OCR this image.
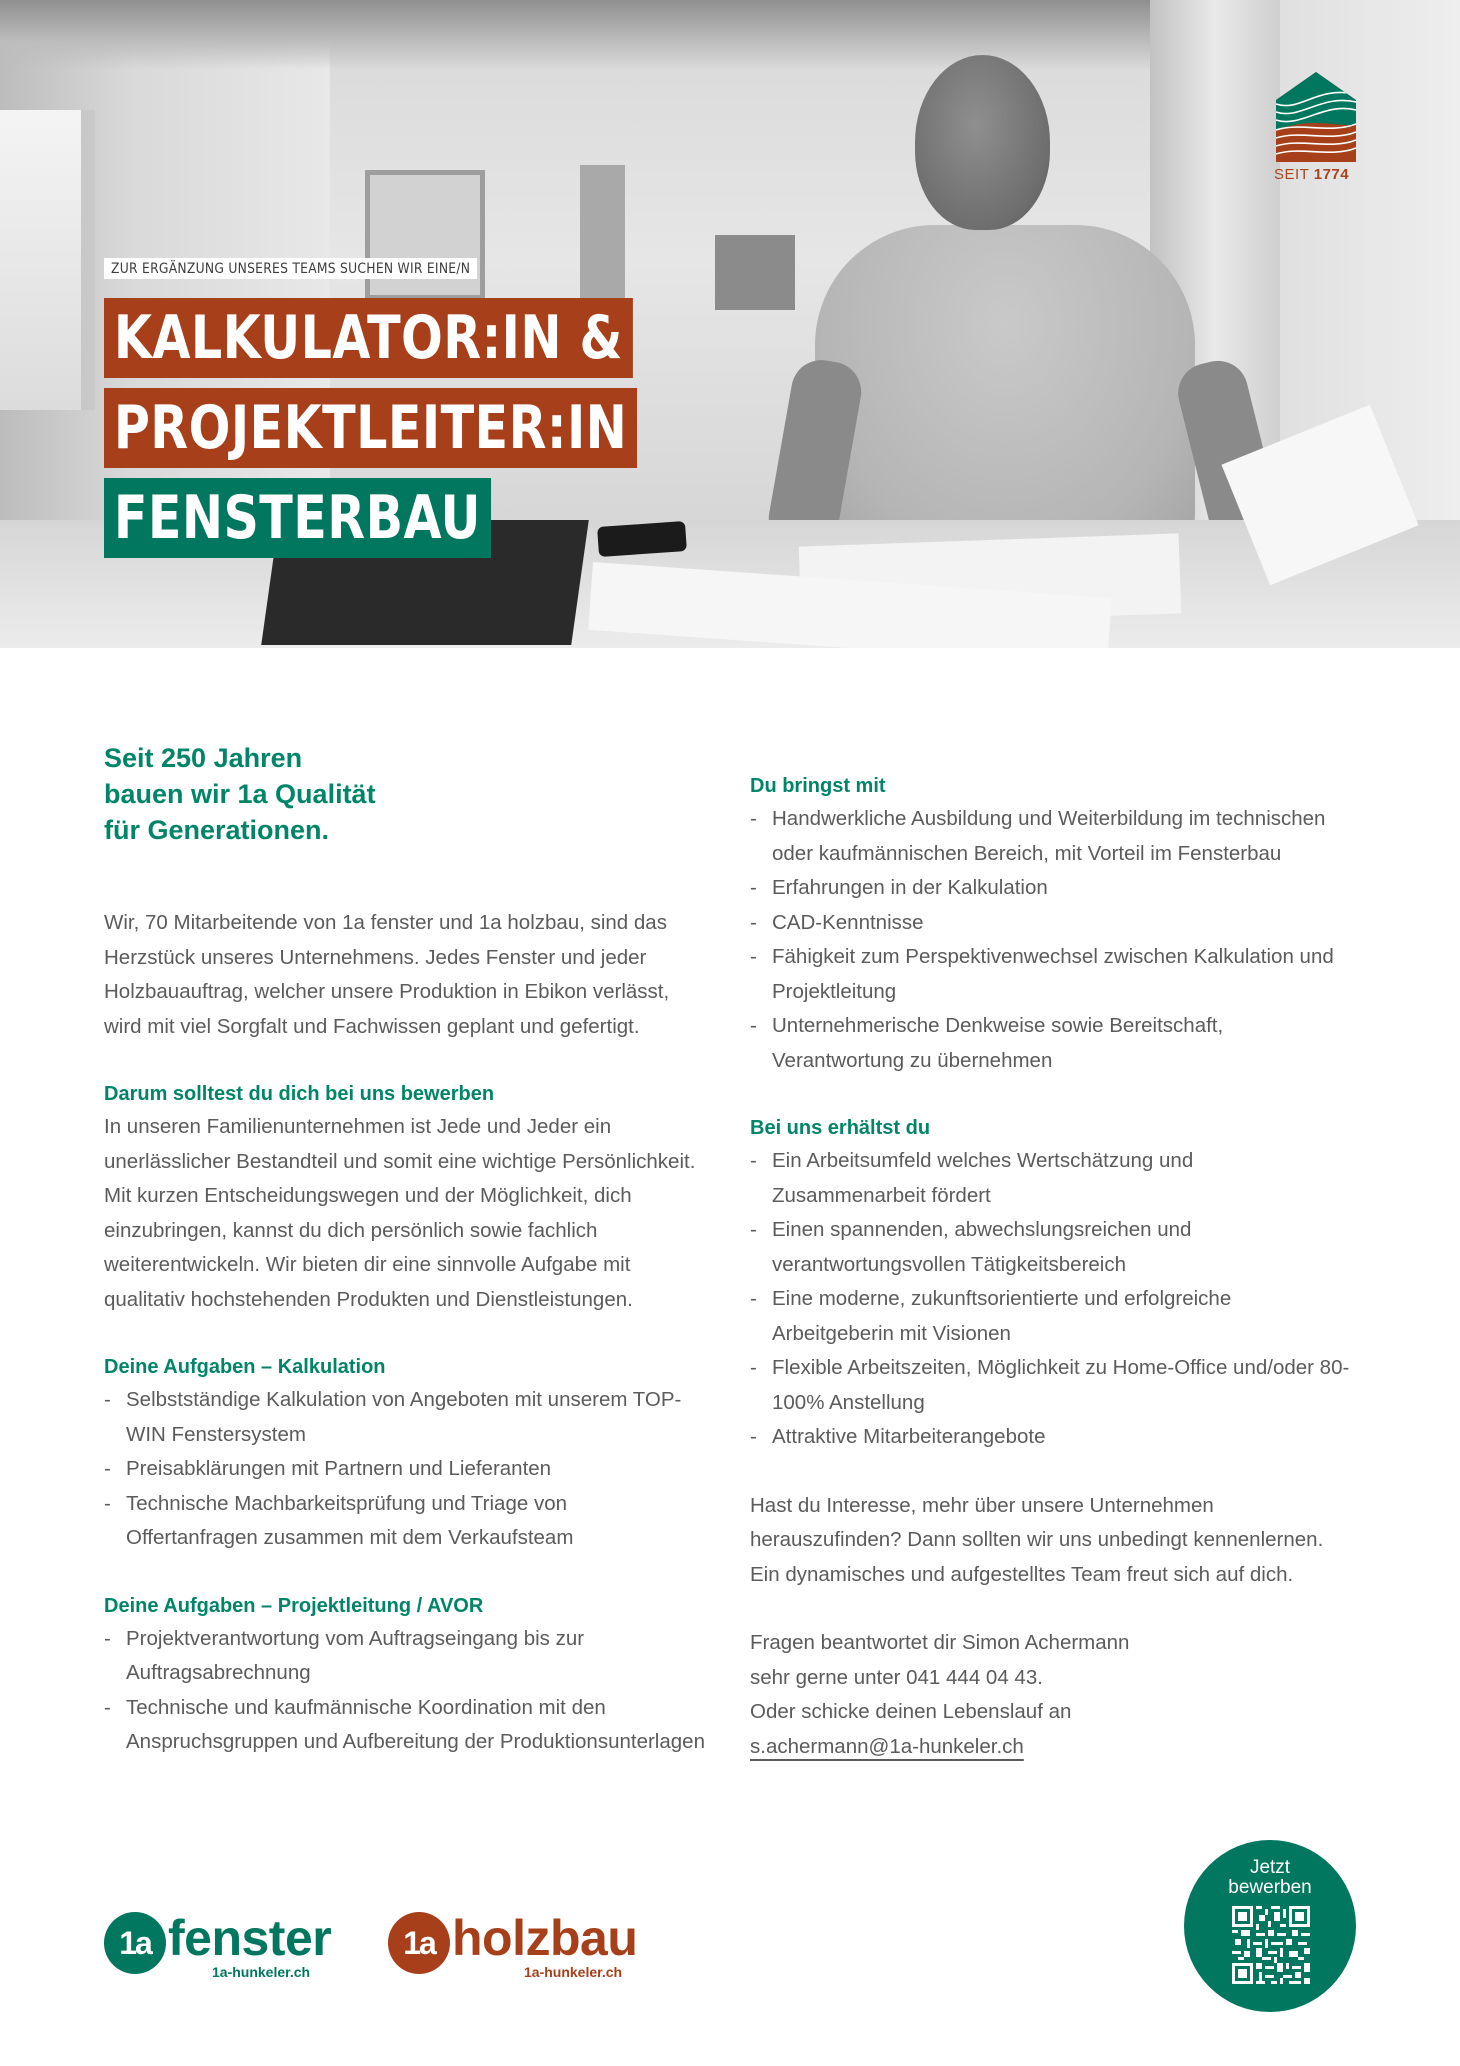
SEIT 1774
ZUR ERGÄNZUNG UNSERES TEAMS SUCHEN WIR EINE/N
KALKULATOR:IN &
PROJEKTLEITER:IN
FENSTERBAU
Seit 250 Jahren
bauen wir 1a Qualität
für Generationen.

Wir, 70 Mitarbeitende von 1a fenster und 1a holzbau, sind das Herzstück unseres Unternehmens. Jedes Fenster und jeder Holzbauauftrag, welcher unsere Produktion in Ebikon verlässt, wird mit viel Sorgfalt und Fachwissen geplant und gefertigt.

Darum solltest du dich bei uns bewerben

In unseren Familienunternehmen ist Jede und Jeder ein unerlässlicher Bestandteil und somit eine wichtige Persönlichkeit. Mit kurzen Entscheidungswegen und der Möglichkeit, dich einzubringen, kannst du dich persönlich sowie fachlich weiterentwickeln. Wir bieten dir eine sinnvolle Aufgabe mit qualitativ hochstehenden Produkten und Dienstleistungen.

Deine Aufgaben – Kalkulation
- Selbstständige Kalkulation von Angeboten mit unserem TOP-WIN Fenstersystem
- Preisabklärungen mit Partnern und Lieferanten
- Technische Machbarkeitsprüfung und Triage von Offertanfragen zusammen mit dem Verkaufsteam
Deine Aufgaben – Projektleitung / AVOR
- Projektverantwortung vom Auftragseingang bis zur Auftragsabrechnung
- Technische und kaufmännische Koordination mit den Anspruchsgruppen und Aufbereitung der Produktionsunterlagen
Du bringst mit
- Handwerkliche Ausbildung und Weiterbildung im technischen oder kaufmännischen Bereich, mit Vorteil im Fensterbau
- Erfahrungen in der Kalkulation
- CAD-Kenntnisse
- Fähigkeit zum Perspektivenwechsel zwischen Kalkulation und Projektleitung
- Unternehmerische Denkweise sowie Bereitschaft, Verantwortung zu übernehmen
Bei uns erhältst du
- Ein Arbeitsumfeld welches Wertschätzung und Zusammenarbeit fördert
- Einen spannenden, abwechslungsreichen und verantwortungsvollen Tätigkeitsbereich
- Eine moderne, zukunftsorientierte und erfolgreiche Arbeitgeberin mit Visionen
- Flexible Arbeitszeiten, Möglichkeit zu Home-Office und/oder 80-100% Anstellung
- Attraktive Mitarbeiterangebote

Hast du Interesse, mehr über unsere Unternehmen herauszufinden? Dann sollten wir uns unbedingt kennenlernen. Ein dynamisches und aufgestelltes Team freut sich auf dich.

Fragen beantwortet dir Simon Achermann
sehr gerne unter 041 444 04 43.
Oder schicke deinen Lebenslauf an
s.achermann@1a-hunkeler.ch
1a fenster
1a-hunkeler.ch
1a holzbau
1a-hunkeler.ch
Jetzt bewerben
